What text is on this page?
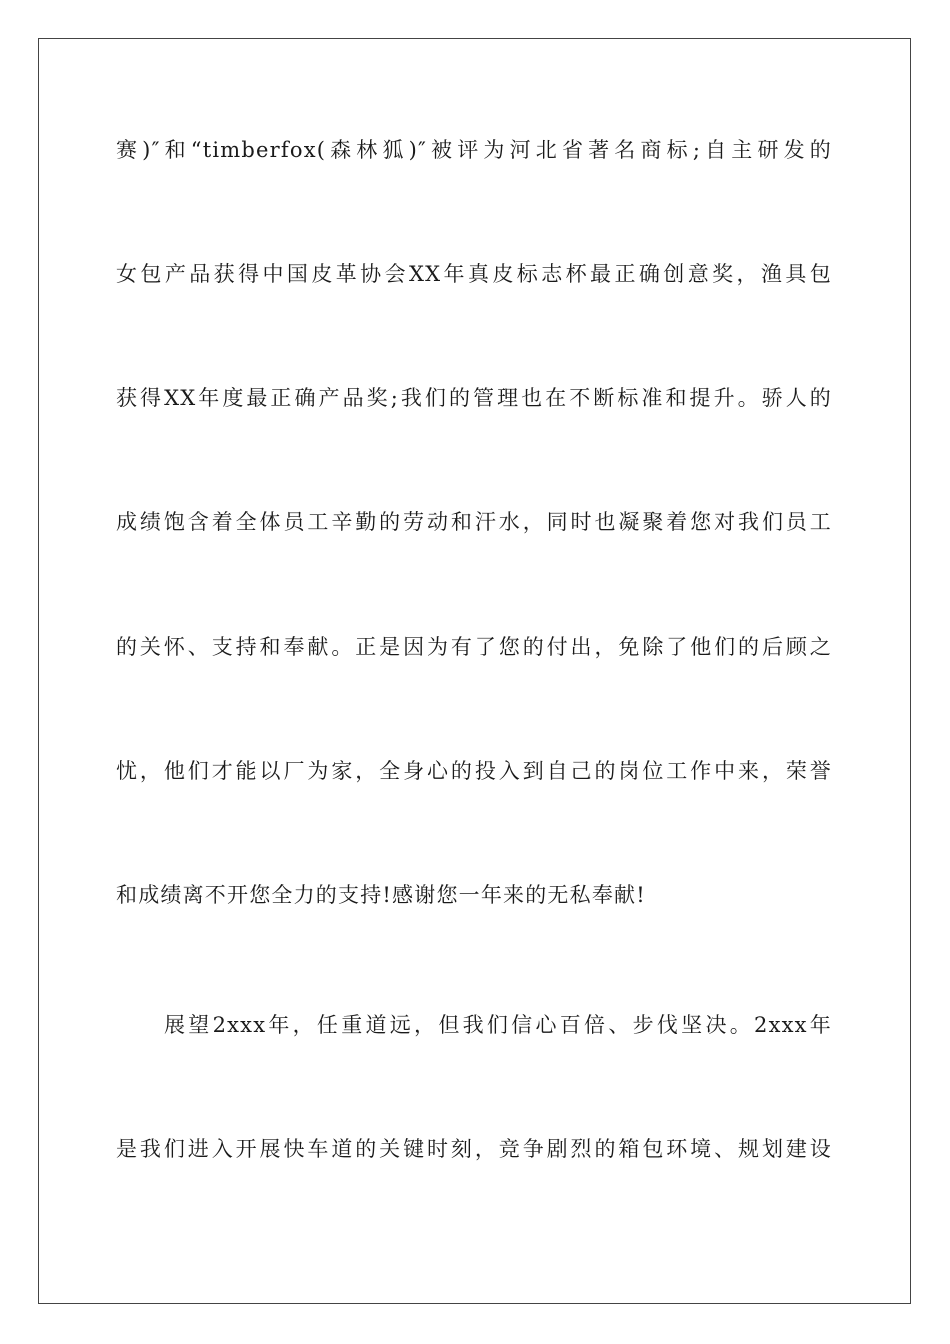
赛)″和“timberfox(森林狐)″被评为河北省著名商标;自主研发的
女包产品获得中国皮革协会XX年真皮标志杯最正确创意奖，渔具包
获得XX年度最正确产品奖;我们的管理也在不断标准和提升。骄人的
成绩饱含着全体员工辛勤的劳动和汗水，同时也凝聚着您对我们员工
的关怀、支持和奉献。正是因为有了您的付出，免除了他们的后顾之
忧，他们才能以厂为家，全身心的投入到自己的岗位工作中来，荣誉
和成绩离不开您全力的支持!感谢您一年来的无私奉献!
展望2xxx年，任重道远，但我们信心百倍、步伐坚决。2xxx年
是我们进入开展快车道的关键时刻，竞争剧烈的箱包环境、规划建设
